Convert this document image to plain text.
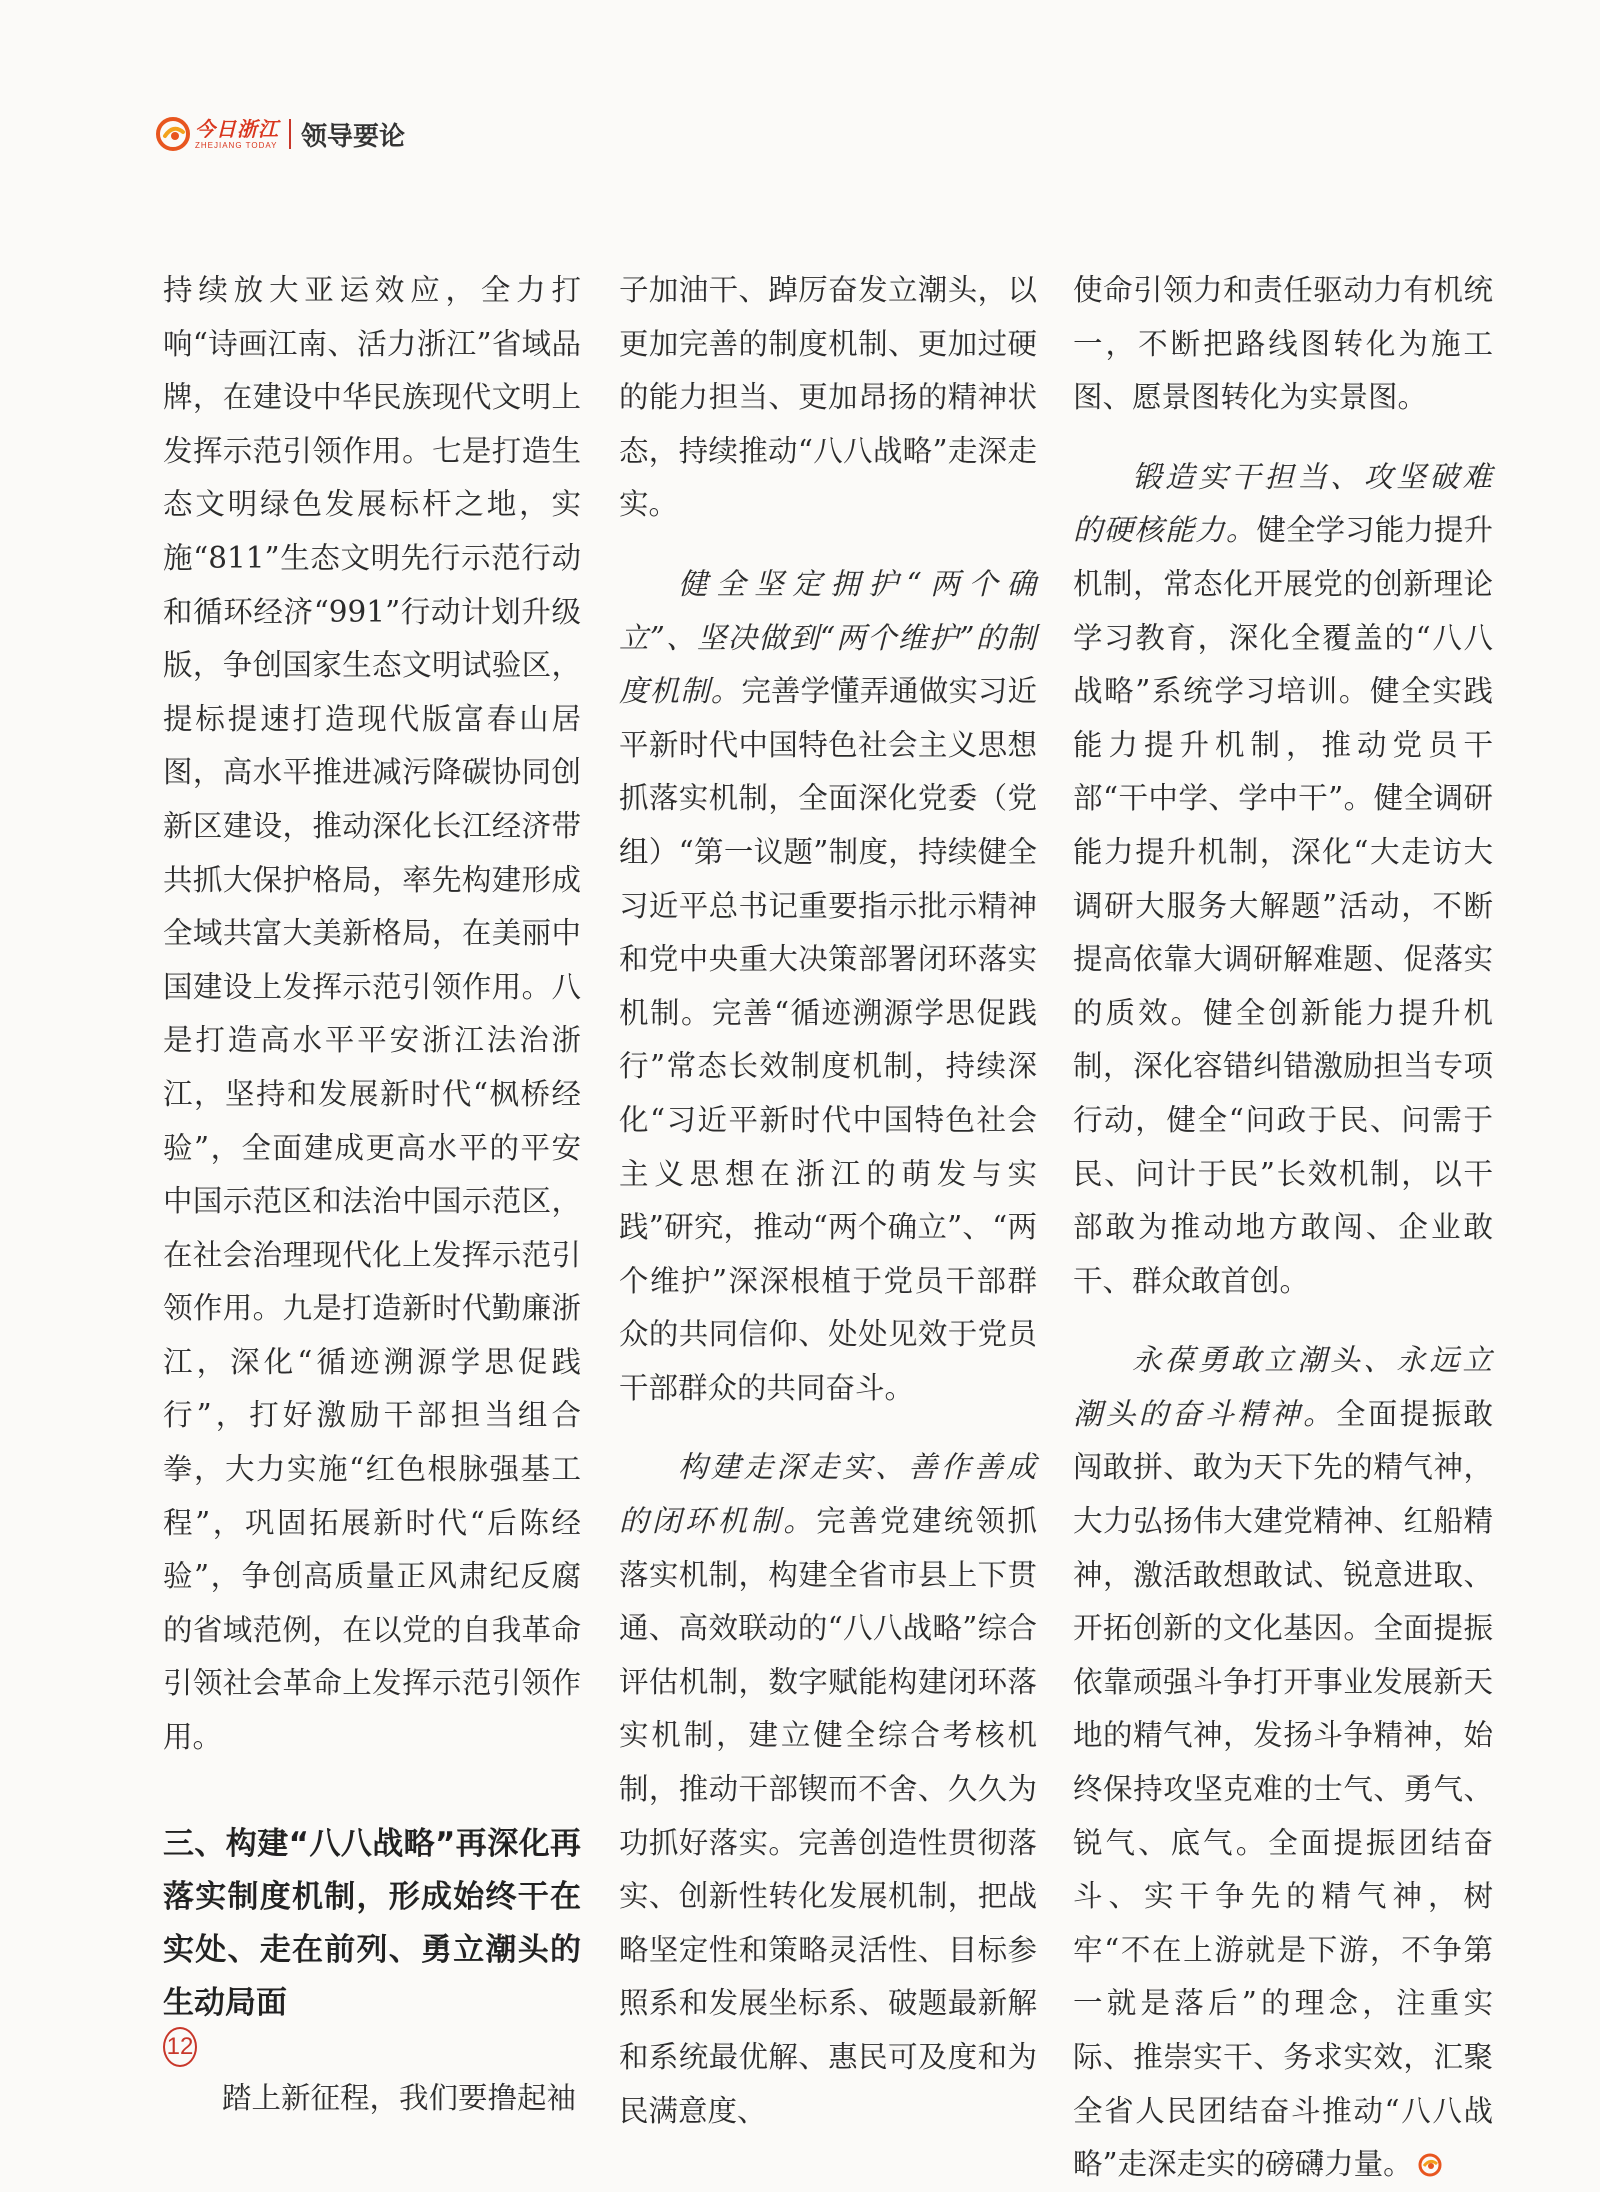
今日浙江
ZHEJIANG TODAY 领导要论

持续放大亚运效应，全力打响“诗画江南、活力浙江”省域品牌，在建设中华民族现代文明上发挥示范引领作用。七是打造生态文明绿色发展标杆之地，实施“811”生态文明先行示范行动和循环经济“991”行动计划升级版，争创国家生态文明试验区，提标提速打造现代版富春山居图，高水平推进减污降碳协同创新区建设，推动深化长江经济带共抓大保护格局，率先构建形成全域共富大美新格局，在美丽中国建设上发挥示范引领作用。八是打造高水平平安浙江法治浙江，坚持和发展新时代“枫桥经验”，全面建成更高水平的平安中国示范区和法治中国示范区，在社会治理现代化上发挥示范引领作用。九是打造新时代勤廉浙江，深化“循迹溯源学思促践行”，打好激励干部担当组合拳，大力实施“红色根脉强基工程”，巩固拓展新时代“后陈经验”，争创高质量正风肃纪反腐的省域范例，在以党的自我革命引领社会革命上发挥示范引领作用。

三、构建“八八战略”再深化再落实制度机制，形成始终干在实处、走在前列、勇立潮头的生动局面

踏上新征程，我们要撸起袖

子加油干、踔厉奋发立潮头，以更加完善的制度机制、更加过硬的能力担当、更加昂扬的精神状态，持续推动“八八战略”走深走实。

健全坚定拥护“两个确立”、坚决做到“两个维护”的制度机制。完善学懂弄通做实习近平新时代中国特色社会主义思想抓落实机制，全面深化党委（党组）“第一议题”制度，持续健全习近平总书记重要指示批示精神和党中央重大决策部署闭环落实机制。完善“循迹溯源学思促践行”常态长效制度机制，持续深化“习近平新时代中国特色社会主义思想在浙江的萌发与实践”研究，推动“两个确立”、“两个维护”深深根植于党员干部群众的共同信仰、处处见效于党员干部群众的共同奋斗。

构建走深走实、善作善成的闭环机制。完善党建统领抓落实机制，构建全省市县上下贯通、高效联动的“八八战略”综合评估机制，数字赋能构建闭环落实机制，建立健全综合考核机制，推动干部锲而不舍、久久为功抓好落实。完善创造性贯彻落实、创新性转化发展机制，把战略坚定性和策略灵活性、目标参照系和发展坐标系、破题最新解和系统最优解、惠民可及度和为民满意度、

使命引领力和责任驱动力有机统一，不断把路线图转化为施工图、愿景图转化为实景图。

锻造实干担当、攻坚破难的硬核能力。健全学习能力提升机制，常态化开展党的创新理论学习教育，深化全覆盖的“八八战略”系统学习培训。健全实践能力提升机制，推动党员干部“干中学、学中干”。健全调研能力提升机制，深化“大走访大调研大服务大解题”活动，不断提高依靠大调研解难题、促落实的质效。健全创新能力提升机制，深化容错纠错激励担当专项行动，健全“问政于民、问需于民、问计于民”长效机制，以干部敢为推动地方敢闯、企业敢干、群众敢首创。

永葆勇敢立潮头、永远立潮头的奋斗精神。全面提振敢闯敢拼、敢为天下先的精气神，大力弘扬伟大建党精神、红船精神，激活敢想敢试、锐意进取、开拓创新的文化基因。全面提振依靠顽强斗争打开事业发展新天地的精气神，发扬斗争精神，始终保持攻坚克难的士气、勇气、锐气、底气。全面提振团结奋斗、实干争先的精气神，树牢“不在上游就是下游，不争第一就是落后”的理念，注重实际、推崇实干、务求实效，汇聚全省人民团结奋斗推动“八八战略”走深走实的磅礴力量。

12
